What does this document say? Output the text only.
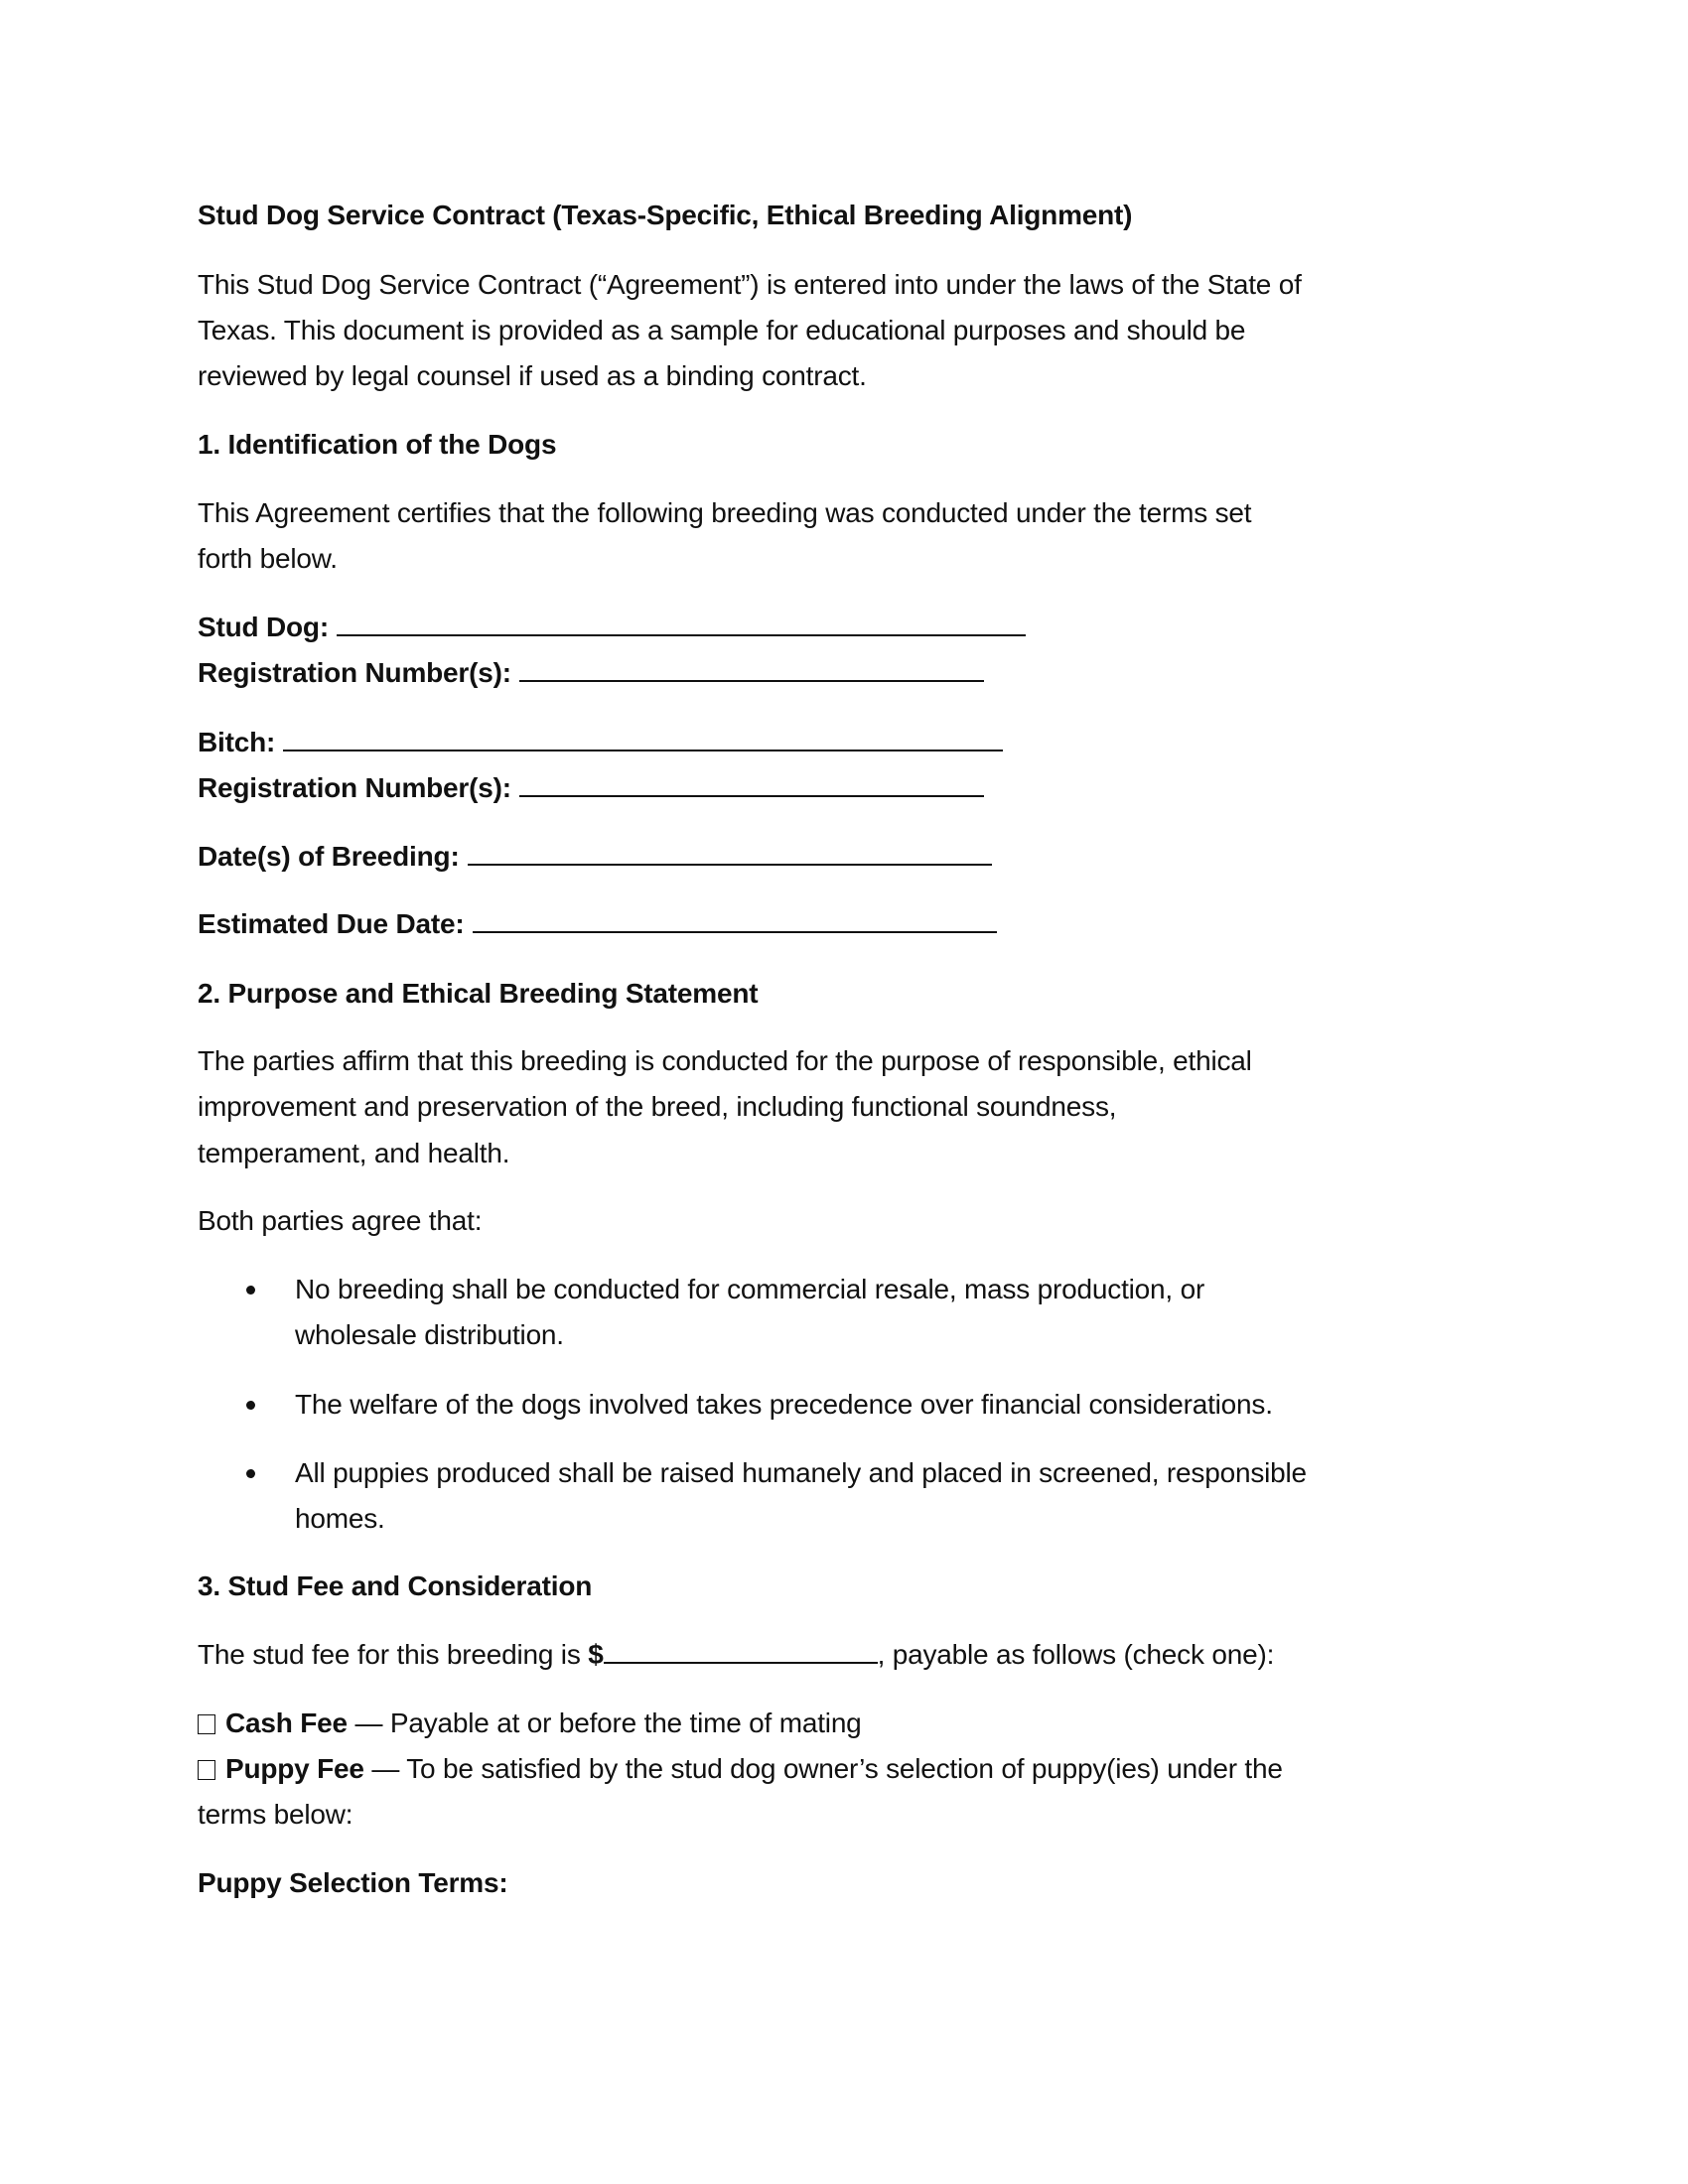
Stud Dog Service Contract (Texas-Specific, Ethical Breeding Alignment)
This Stud Dog Service Contract (“Agreement”) is entered into under the laws of the State of
Texas. This document is provided as a sample for educational purposes and should be
reviewed by legal counsel if used as a binding contract.
1. Identification of the Dogs
This Agreement certifies that the following breeding was conducted under the terms set
forth below.
Stud Dog:
Registration Number(s):
Bitch:
Registration Number(s):
Date(s) of Breeding:
Estimated Due Date:
2. Purpose and Ethical Breeding Statement
The parties affirm that this breeding is conducted for the purpose of responsible, ethical
improvement and preservation of the breed, including functional soundness,
temperament, and health.
Both parties agree that:
No breeding shall be conducted for commercial resale, mass production, or
wholesale distribution.
The welfare of the dogs involved takes precedence over financial considerations.
All puppies produced shall be raised humanely and placed in screened, responsible
homes.
3. Stud Fee and Consideration
The stud fee for this breeding is $	, payable as follows (check one):
Cash Fee — Payable at or before the time of mating
Puppy Fee — To be satisfied by the stud dog owner’s selection of puppy(ies) under the
terms below:
Puppy Selection Terms:
